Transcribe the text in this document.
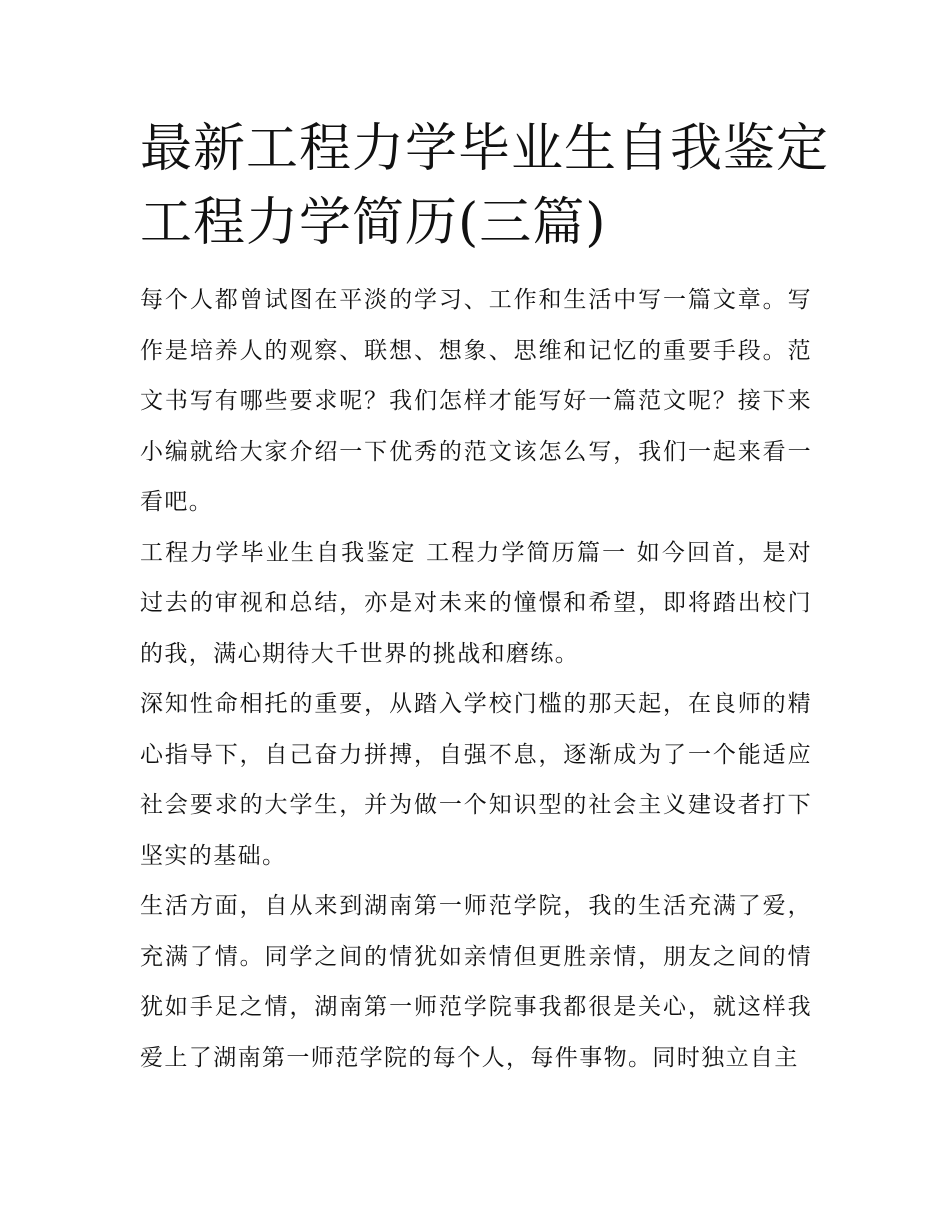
最新工程力学毕业生自我鉴定
工程力学简历(三篇)

每个人都曾试图在平淡的学习、工作和生活中写一篇文章。写作是培养人的观察、联想、想象、思维和记忆的重要手段。范文书写有哪些要求呢？我们怎样才能写好一篇范文呢？接下来小编就给大家介绍一下优秀的范文该怎么写，我们一起来看一看吧。

工程力学毕业生自我鉴定 工程力学简历篇一 如今回首，是对过去的审视和总结，亦是对未来的憧憬和希望，即将踏出校门的我，满心期待大千世界的挑战和磨练。

深知性命相托的重要，从踏入学校门槛的那天起，在良师的精心指导下，自己奋力拼搏，自强不息，逐渐成为了一个能适应社会要求的大学生，并为做一个知识型的社会主义建设者打下坚实的基础。

生活方面，自从来到湖南第一师范学院，我的生活充满了爱，充满了情。同学之间的情犹如亲情但更胜亲情，朋友之间的情犹如手足之情，湖南第一师范学院事我都很是关心，就这样我爱上了湖南第一师范学院的每个人，每件事物。同时独立自主
